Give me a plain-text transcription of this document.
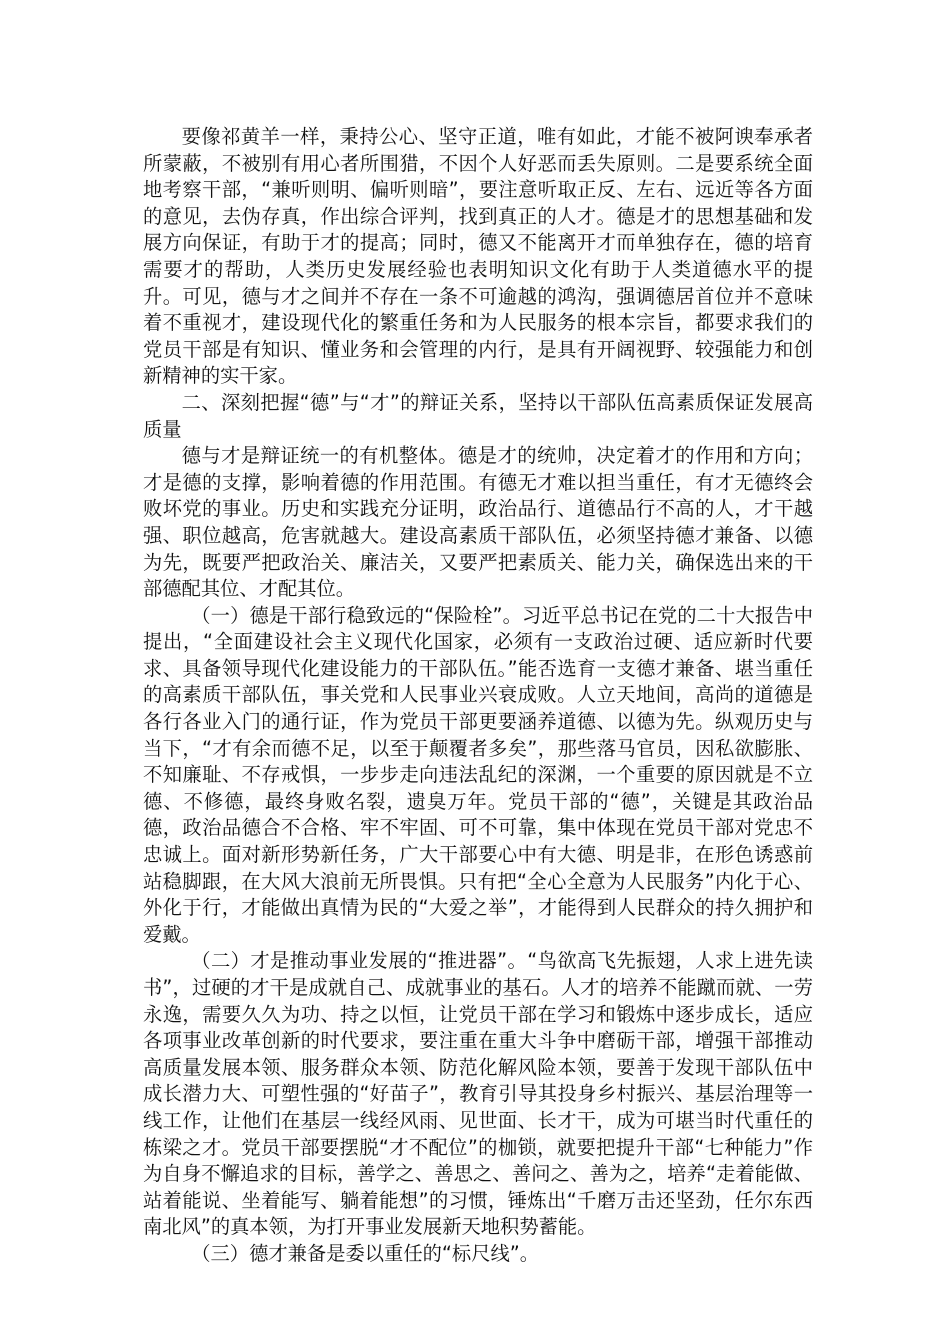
要像祁黄羊一样，秉持公心、坚守正道，唯有如此，才能不被阿谀奉承者所蒙蔽，不被别有用心者所围猎，不因个人好恶而丢失原则。二是要系统全面地考察干部，“兼听则明、偏听则暗”，要注意听取正反、左右、远近等各方面的意见，去伪存真，作出综合评判，找到真正的人才。德是才的思想基础和发展方向保证，有助于才的提高；同时，德又不能离开才而单独存在，德的培育需要才的帮助，人类历史发展经验也表明知识文化有助于人类道德水平的提升。可见，德与才之间并不存在一条不可逾越的鸿沟，强调德居首位并不意味着不重视才，建设现代化的繁重任务和为人民服务的根本宗旨，都要求我们的党员干部是有知识、懂业务和会管理的内行，是具有开阔视野、较强能力和创新精神的实干家。

二、深刻把握“德”与“才”的辩证关系，坚持以干部队伍高素质保证发展高质量

德与才是辩证统一的有机整体。德是才的统帅，决定着才的作用和方向；才是德的支撑，影响着德的作用范围。有德无才难以担当重任，有才无德终会败坏党的事业。历史和实践充分证明，政治品行、道德品行不高的人，才干越强、职位越高，危害就越大。建设高素质干部队伍，必须坚持德才兼备、以德为先，既要严把政治关、廉洁关，又要严把素质关、能力关，确保选出来的干部德配其位、才配其位。

（一）德是干部行稳致远的“保险栓”。习近平总书记在党的二十大报告中提出，“全面建设社会主义现代化国家，必须有一支政治过硬、适应新时代要求、具备领导现代化建设能力的干部队伍。”能否选育一支德才兼备、堪当重任的高素质干部队伍，事关党和人民事业兴衰成败。人立天地间，高尚的道德是各行各业入门的通行证，作为党员干部更要涵养道德、以德为先。纵观历史与当下，“才有余而德不足，以至于颠覆者多矣”，那些落马官员，因私欲膨胀、不知廉耻、不存戒惧，一步步走向违法乱纪的深渊，一个重要的原因就是不立德、不修德，最终身败名裂，遗臭万年。党员干部的“德”，关键是其政治品德，政治品德合不合格、牢不牢固、可不可靠，集中体现在党员干部对党忠不忠诚上。面对新形势新任务，广大干部要心中有大德、明是非，在形色诱惑前站稳脚跟，在大风大浪前无所畏惧。只有把“全心全意为人民服务”内化于心、外化于行，才能做出真情为民的“大爱之举”，才能得到人民群众的持久拥护和爱戴。

（二）才是推动事业发展的“推进器”。“鸟欲高飞先振翅，人求上进先读书”，过硬的才干是成就自己、成就事业的基石。人才的培养不能蹴而就、一劳永逸，需要久久为功、持之以恒，让党员干部在学习和锻炼中逐步成长，适应各项事业改革创新的时代要求，要注重在重大斗争中磨砺干部，增强干部推动高质量发展本领、服务群众本领、防范化解风险本领，要善于发现干部队伍中成长潜力大、可塑性强的“好苗子”，教育引导其投身乡村振兴、基层治理等一线工作，让他们在基层一线经风雨、见世面、长才干，成为可堪当时代重任的栋梁之才。党员干部要摆脱“才不配位”的枷锁，就要把提升干部“七种能力”作为自身不懈追求的目标，善学之、善思之、善问之、善为之，培养“走着能做、站着能说、坐着能写、躺着能想”的习惯，锤炼出“千磨万击还坚劲，任尔东西南北风”的真本领，为打开事业发展新天地积势蓄能。

（三）德才兼备是委以重任的“标尺线”。
